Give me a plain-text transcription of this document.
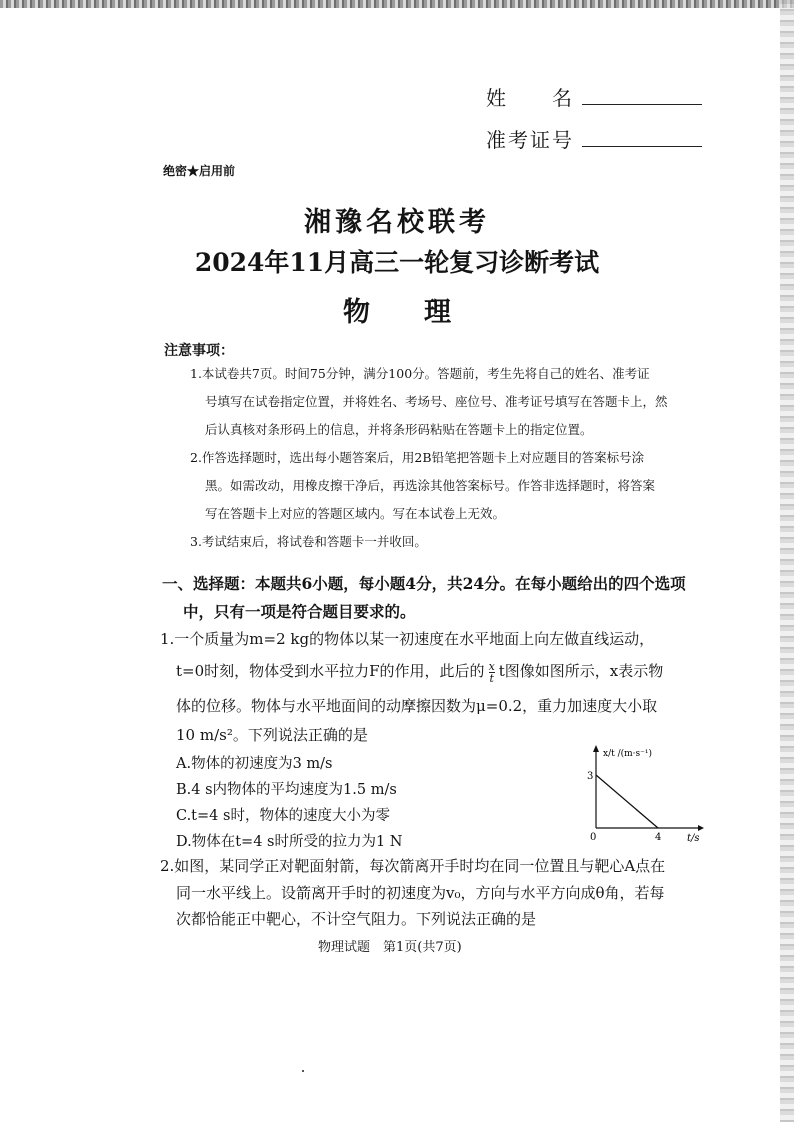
姓　　名
准考证号
绝密★启用前
湘豫名校联考
2024年11月高三一轮复习诊断考试
物　　理
注意事项：
1.本试卷共7页。时间75分钟，满分100分。答题前，考生先将自己的姓名、准考证
号填写在试卷指定位置，并将姓名、考场号、座位号、准考证号填写在答题卡上，然
后认真核对条形码上的信息，并将条形码粘贴在答题卡上的指定位置。
2.作答选择题时，选出每小题答案后，用2B铅笔把答题卡上对应题目的答案标号涂
黑。如需改动，用橡皮擦干净后，再选涂其他答案标号。作答非选择题时，将答案
写在答题卡上对应的答题区域内。写在本试卷上无效。
3.考试结束后，将试卷和答题卡一并收回。
一、选择题：本题共6小题，每小题4分，共24分。在每小题给出的四个选项
中，只有一项是符合题目要求的。
1.一个质量为m=2 kg的物体以某一初速度在水平地面上向左做直线运动，
t=0时刻，物体受到水平拉力F的作用，此后的 $\frac{x}{t}$ t图像如图所示，x表示物
体的位移。物体与水平地面间的动摩擦因数为μ=0.2，重力加速度大小取
10 m/s²。下列说法正确的是
A.物体的初速度为3 m/s
B.4 s内物体的平均速度为1.5 m/s
C.t=4 s时，物体的速度大小为零
D.物体在t=4 s时所受的拉力为1 N
x/t /(m·s⁻¹)
3
0	4	t/s
2.如图，某同学正对靶面射箭，每次箭离开手时均在同一位置且与靶心A点在
同一水平线上。设箭离开手时的初速度为v₀，方向与水平方向成θ角，若每
次都恰能正中靶心，不计空气阻力。下列说法正确的是
物理试题　第1页(共7页)
